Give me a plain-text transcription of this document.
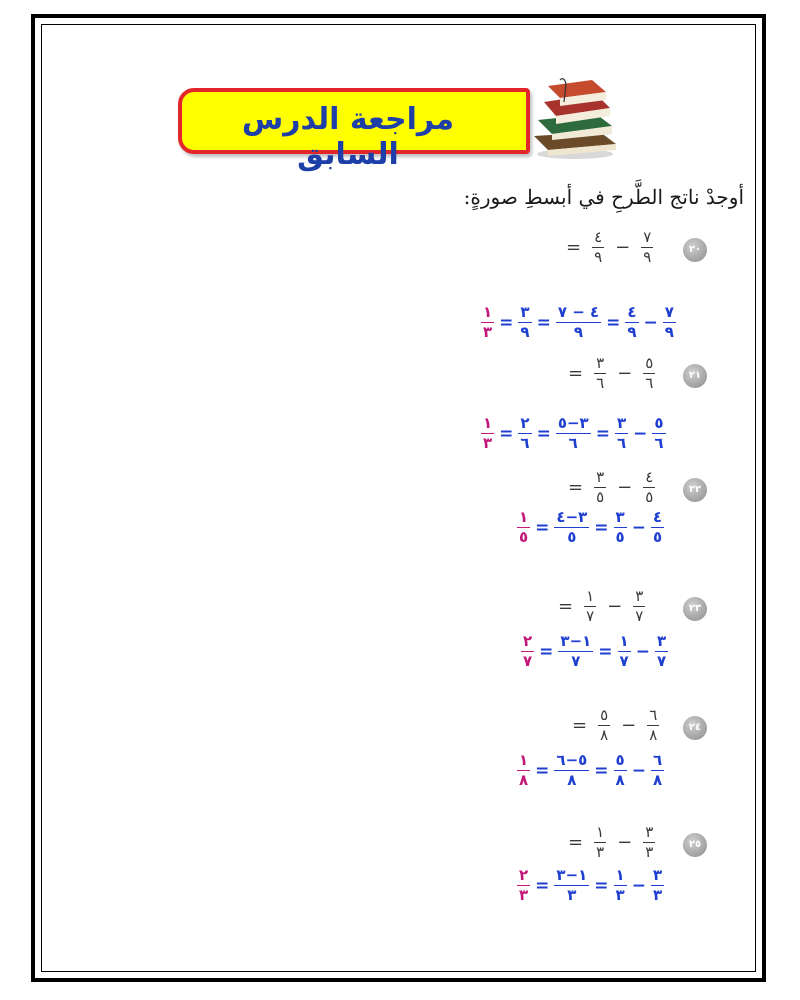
مراجعة الدرس السابق
أوجدْ ناتج الطَّرحِ في أبسطِ صورةٍ:
٢٠
= $\frac{٤}{٩} - \frac{٧}{٩}$
$\frac{١}{٣} = \frac{٣}{٩} = \frac{٤ - ٧}{٩} = \frac{٤}{٩} - \frac{٧}{٩}$
٢١
= $\frac{٣}{٦} - \frac{٥}{٦}$
$\frac{١}{٣} = \frac{٢}{٦} = \frac{٣-٥}{٦} = \frac{٣}{٦} - \frac{٥}{٦}$
٢٢
= $\frac{٣}{٥} - \frac{٤}{٥}$
$\frac{١}{٥} = \frac{٣-٤}{٥} = \frac{٣}{٥} - \frac{٤}{٥}$
٢٣
= $\frac{١}{٧} - \frac{٣}{٧}$
$\frac{٢}{٧} = \frac{١-٣}{٧} = \frac{١}{٧} - \frac{٣}{٧}$
٢٤
= $\frac{٥}{٨} - \frac{٦}{٨}$
$\frac{١}{٨} = \frac{٥-٦}{٨} = \frac{٥}{٨} - \frac{٦}{٨}$
٢٥
= $\frac{١}{٣} - \frac{٣}{٣}$
$\frac{٢}{٣} = \frac{١-٣}{٣} = \frac{١}{٣} - \frac{٣}{٣}$
